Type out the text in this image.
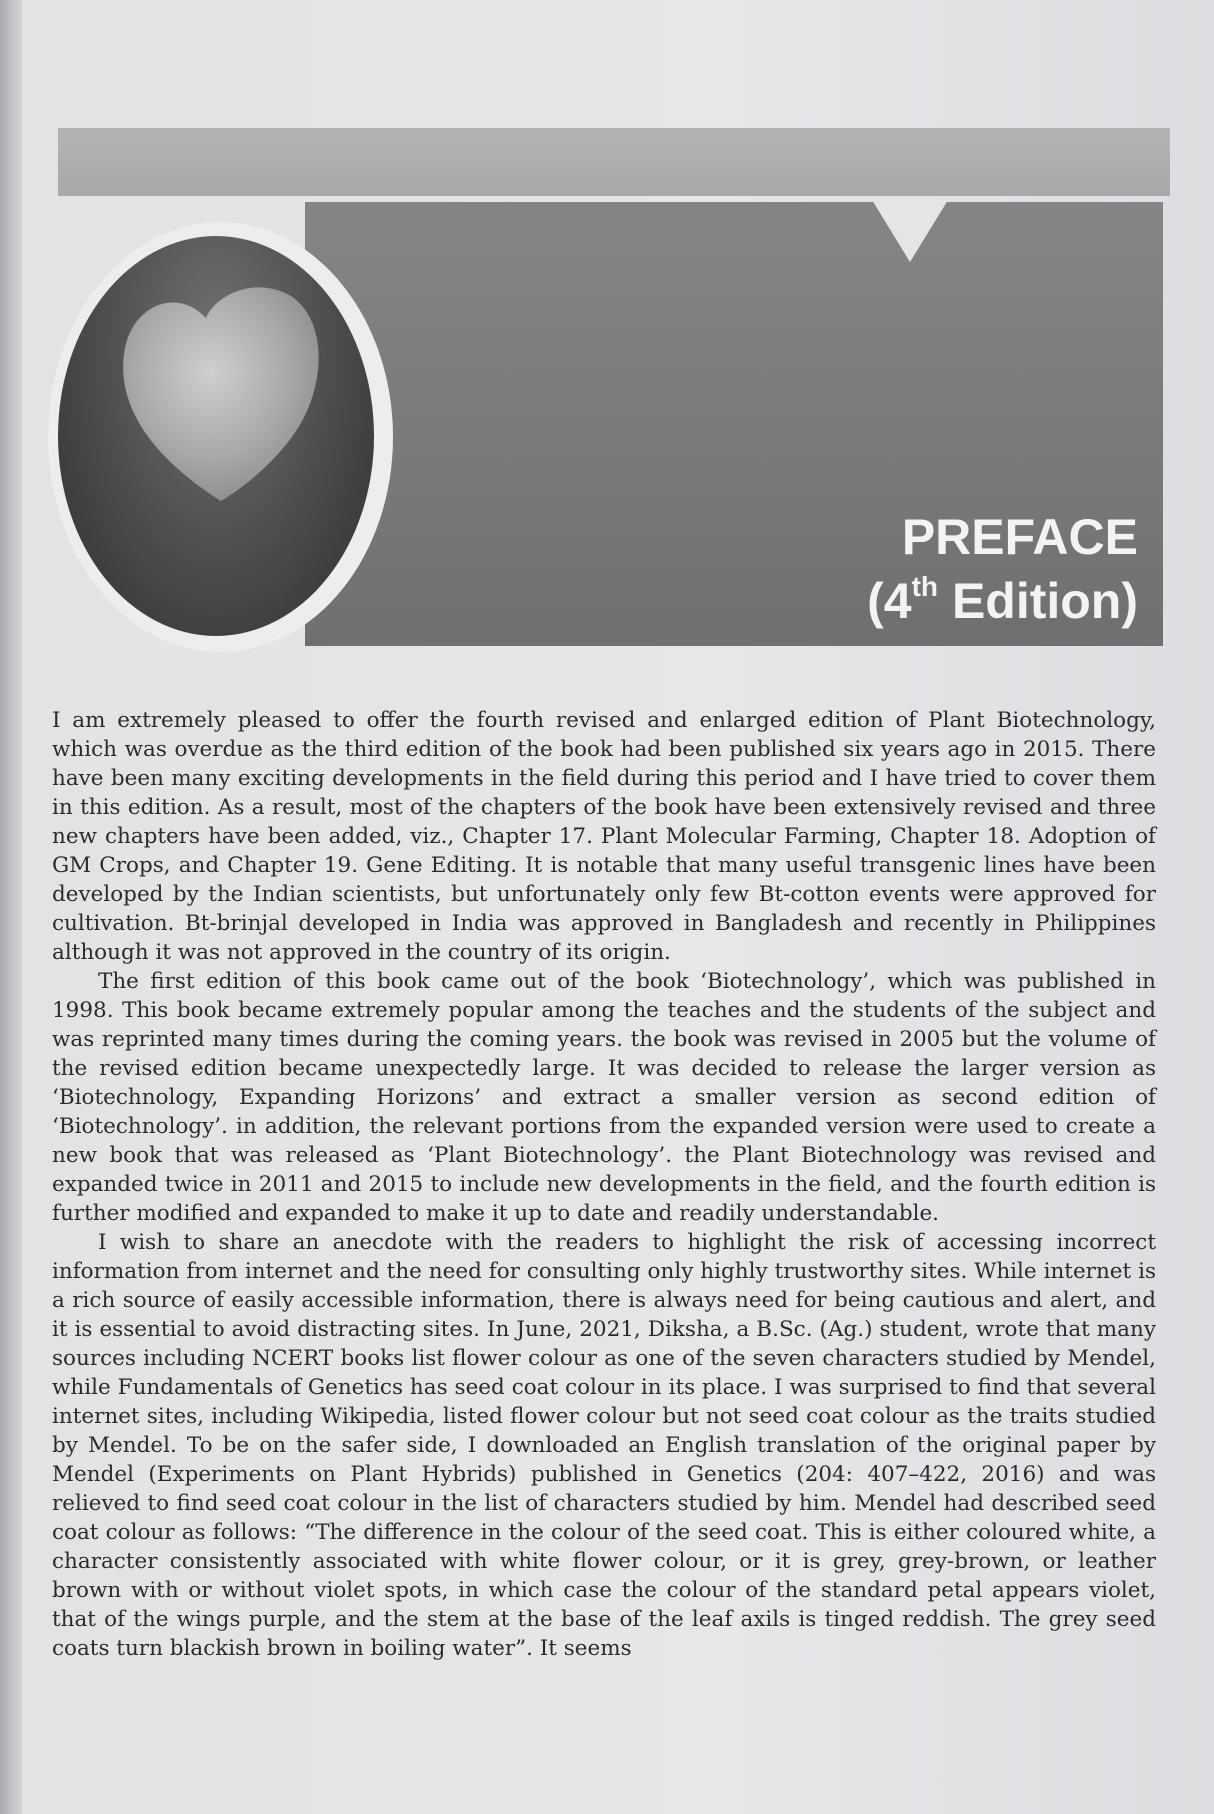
PREFACE
(4th Edition)

I am extremely pleased to offer the fourth revised and enlarged edition of Plant Biotechnology, which was overdue as the third edition of the book had been published six years ago in 2015. There have been many exciting developments in the field during this period and I have tried to cover them in this edition. As a result, most of the chapters of the book have been extensively revised and three new chapters have been added, viz., Chapter 17. Plant Molecular Farming, Chapter 18. Adoption of GM Crops, and Chapter 19. Gene Editing. It is notable that many useful transgenic lines have been developed by the Indian scientists, but unfortunately only few Bt-cotton events were approved for cultivation. Bt-brinjal developed in India was approved in Bangladesh and recently in Philippines although it was not approved in the country of its origin.

The first edition of this book came out of the book ‘Biotechnology’, which was published in 1998. This book became extremely popular among the teaches and the students of the subject and was reprinted many times during the coming years. the book was revised in 2005 but the volume of the revised edition became unexpectedly large. It was decided to release the larger version as ‘Biotechnology, Expanding Horizons’ and extract a smaller version as second edition of ‘Biotechnology’. in addition, the relevant portions from the expanded version were used to create a new book that was released as ‘Plant Biotechnology’. the Plant Biotechnology was revised and expanded twice in 2011 and 2015 to include new developments in the field, and the fourth edition is further modified and expanded to make it up to date and readily understandable.

I wish to share an anecdote with the readers to highlight the risk of accessing incorrect information from internet and the need for consulting only highly trustworthy sites. While internet is a rich source of easily accessible information, there is always need for being cautious and alert, and it is essential to avoid distracting sites. In June, 2021, Diksha, a B.Sc. (Ag.) student, wrote that many sources including NCERT books list flower colour as one of the seven characters studied by Mendel, while Fundamentals of Genetics has seed coat colour in its place. I was surprised to find that several internet sites, including Wikipedia, listed flower colour but not seed coat colour as the traits studied by Mendel. To be on the safer side, I downloaded an English translation of the original paper by Mendel (Experiments on Plant Hybrids) published in Genetics (204: 407–422, 2016) and was relieved to find seed coat colour in the list of characters studied by him. Mendel had described seed coat colour as follows: “The difference in the colour of the seed coat. This is either coloured white, a character consistently associated with white flower colour, or it is grey, grey-brown, or leather brown with or without violet spots, in which case the colour of the standard petal appears violet, that of the wings purple, and the stem at the base of the leaf axils is tinged reddish. The grey seed coats turn blackish brown in boiling water”. It seems
